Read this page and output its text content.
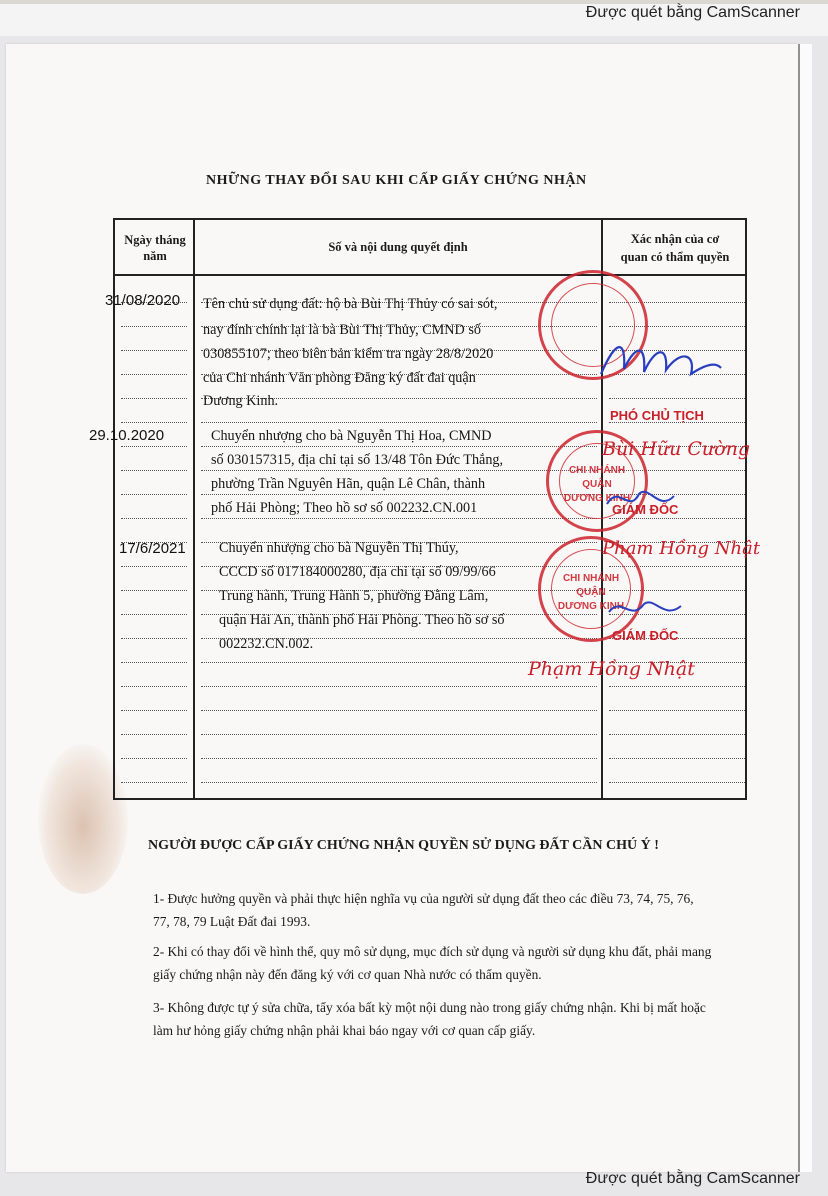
Được quét bằng CamScanner
NHỮNG THAY ĐỔI SAU KHI CẤP GIẤY CHỨNG NHẬN
Ngày tháng
năm
Số và nội dung quyết định
Xác nhận của cơ
quan có thẩm quyền
31/08/2020 Tên chủ sử dụng đất: hộ bà Bùi Thị Thủy có sai sót,
nay đính chính lại là bà Bùi Thị Thủy, CMND số
030855107; theo biên bản kiểm tra ngày 28/8/2020
của Chi nhánh Văn phòng Đăng ký đất đai quận
Dương Kinh.
29.10.2020	Chuyển nhượng cho bà Nguyễn Thị Hoa, CMND
số 030157315, địa chỉ tại số 13/48 Tôn Đức Thắng,
phường Trần Nguyên Hãn, quận Lê Chân, thành
phố Hải Phòng; Theo hồ sơ số 002232.CN.001
17/6/2021 Chuyển nhượng cho bà Nguyễn Thị Thúy,
CCCD số 017184000280, địa chỉ tại số 09/99/66
Trung hành, Trung Hành 5, phường Đằng Lâm,
quận Hải An, thành phố Hải Phòng. Theo hồ sơ số
002232.CN.002.
CHI NHÁNH
QUẬN
DƯƠNG KINH
CHI NHÁNH
QUẬN
DƯƠNG KINH
PHÓ CHỦ TỊCH
Bùi Hữu Cường
GIÁM ĐỐC
Phạm Hồng Nhật
GIÁM ĐỐC
Phạm Hồng Nhật
NGƯỜI ĐƯỢC CẤP GIẤY CHỨNG NHẬN QUYỀN SỬ DỤNG ĐẤT CẦN CHÚ Ý !
1- Được hưởng quyền và phải thực hiện nghĩa vụ của người sử dụng đất theo các điều 73, 74, 75, 76, 77, 78, 79 Luật Đất đai 1993.
2- Khi có thay đổi về hình thể, quy mô sử dụng, mục đích sử dụng và người sử dụng khu đất, phải mang giấy chứng nhận này đến đăng ký với cơ quan Nhà nước có thẩm quyền.
3- Không được tự ý sửa chữa, tẩy xóa bất kỳ một nội dung nào trong giấy chứng nhận. Khi bị mất hoặc làm hư hỏng giấy chứng nhận phải khai báo ngay với cơ quan cấp giấy.
Được quét bằng CamScanner
